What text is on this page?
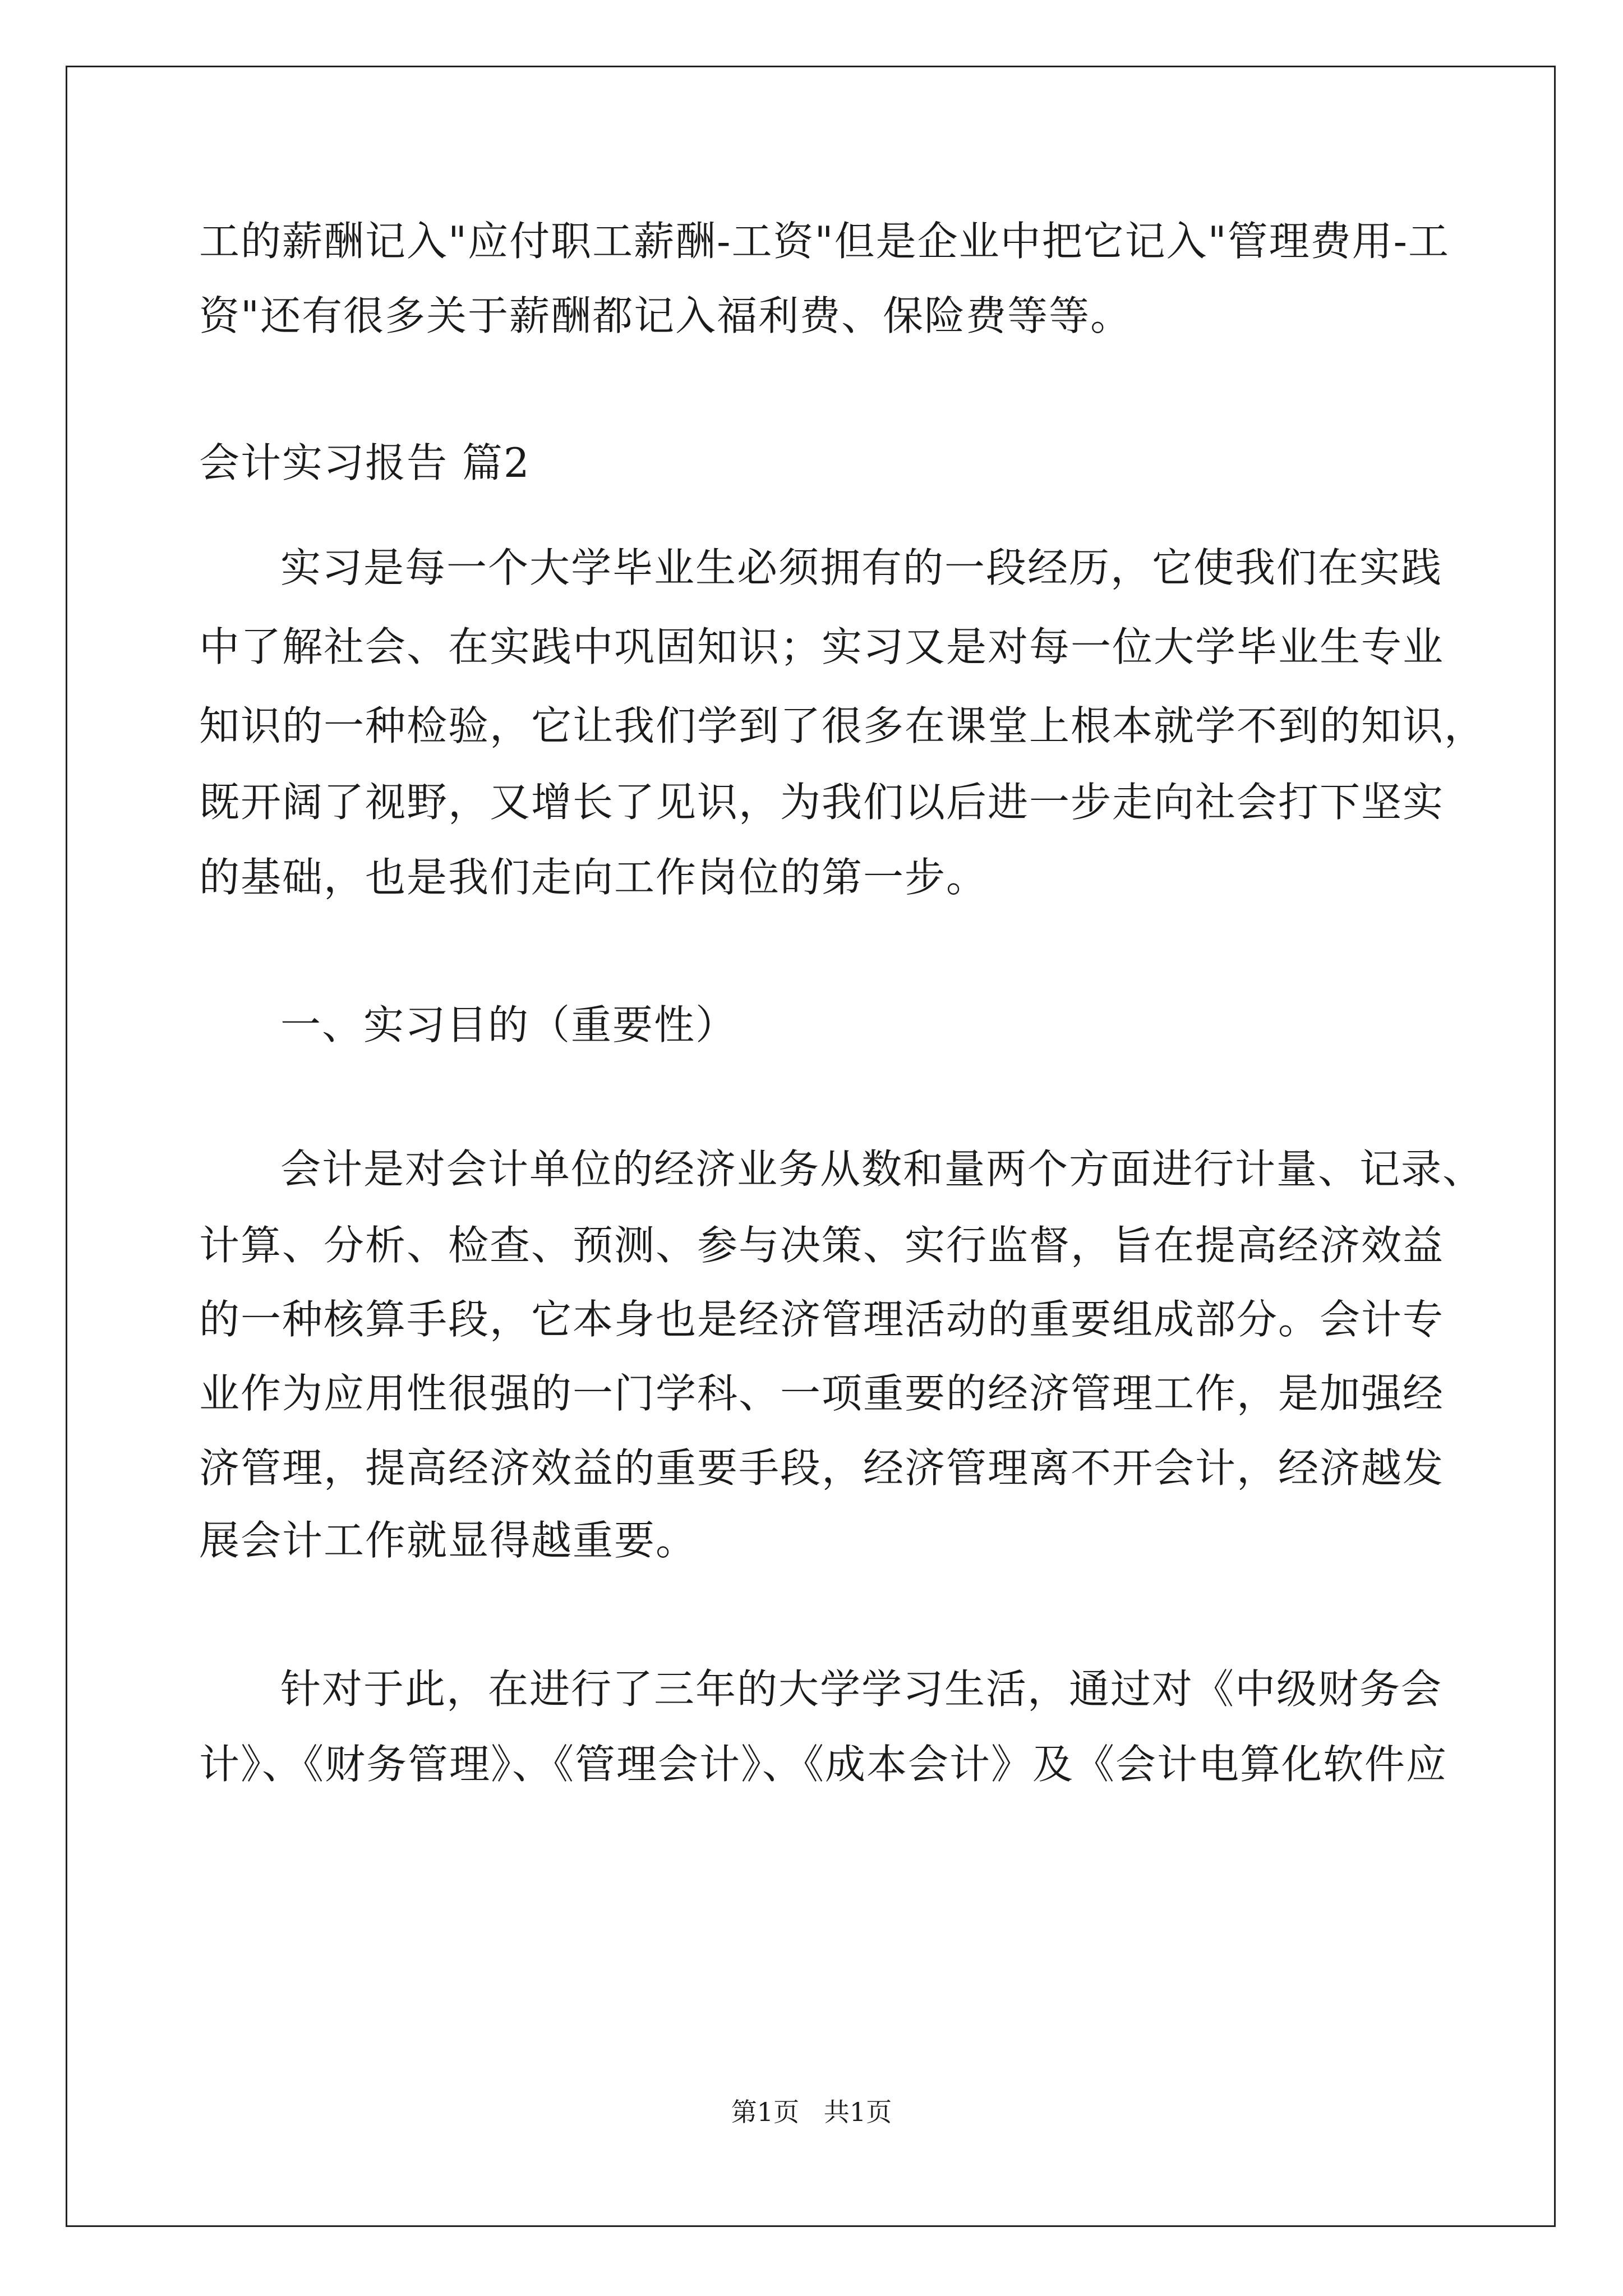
工的薪酬记入"应付职工薪酬-工资"但是企业中把它记入"管理费用-工

资"还有很多关于薪酬都记入福利费、保险费等等。

会计实习报告 篇2

实习是每一个大学毕业生必须拥有的一段经历，它使我们在实践

中了解社会、在实践中巩固知识；实习又是对每一位大学毕业生专业

知识的一种检验，它让我们学到了很多在课堂上根本就学不到的知识，

既开阔了视野，又增长了见识，为我们以后进一步走向社会打下坚实

的基础，也是我们走向工作岗位的第一步。

一、实习目的（重要性）

会计是对会计单位的经济业务从数和量两个方面进行计量、记录、

计算、分析、检查、预测、参与决策、实行监督，旨在提高经济效益

的一种核算手段，它本身也是经济管理活动的重要组成部分。会计专

业作为应用性很强的一门学科、一项重要的经济管理工作，是加强经

济管理，提高经济效益的重要手段，经济管理离不开会计，经济越发

展会计工作就显得越重要。

针对于此，在进行了三年的大学学习生活，通过对《中级财务会

计》、《财务管理》、《管理会计》、《成本会计》及《会计电算化软件应

第1页   共1页
